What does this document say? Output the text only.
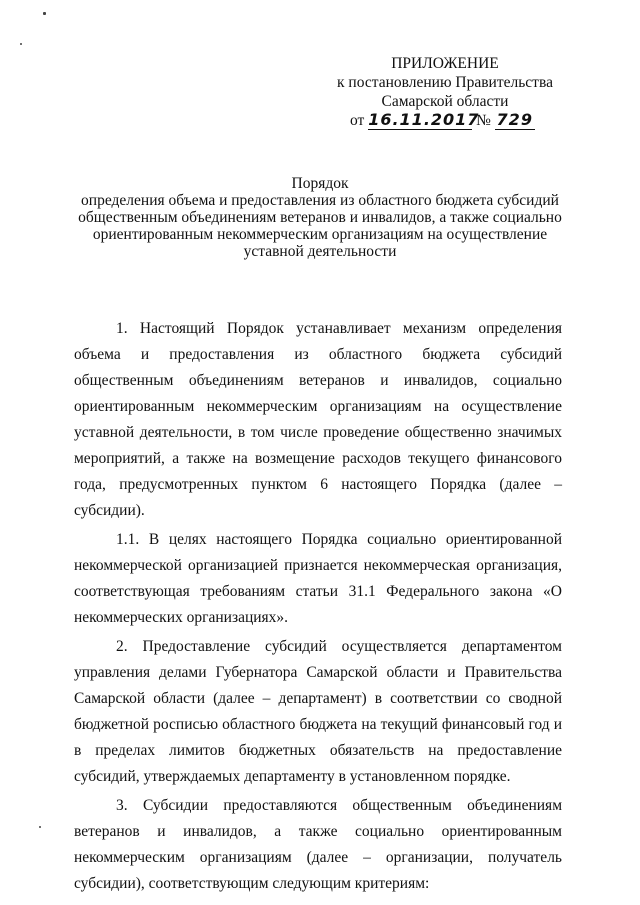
ПРИЛОЖЕНИЕ
к постановлению Правительства
Самарской области
от 16.11.2017 № 729
Порядок
определения объема и предоставления из областного бюджета субсидий
общественным объединениям ветеранов и инвалидов, а также социально
ориентированным некоммерческим организациям на осуществление
уставной деятельности

1. Настоящий Порядок устанавливает механизм определения объема и предоставления из областного бюджета субсидий общественным объединениям ветеранов и инвалидов, социально ориентированным некоммерческим организациям на осуществление уставной деятельности, в том числе проведение общественно значимых мероприятий, а также на возмещение расходов текущего финансового года, предусмотренных пунктом 6 настоящего Порядка (далее – субсидии).

1.1. В целях настоящего Порядка социально ориентированной некоммерческой организацией признается некоммерческая организация, соответствующая требованиям статьи 31.1 Федерального закона «О некоммерческих организациях».

2. Предоставление субсидий осуществляется департаментом управления делами Губернатора Самарской области и Правительства Самарской области (далее – департамент) в соответствии со сводной бюджетной росписью областного бюджета на текущий финансовый год и в пределах лимитов бюджетных обязательств на предоставление субсидий, утверждаемых департаменту в установленном порядке.

3. Субсидии предоставляются общественным объединениям ветеранов и инвалидов, а также социально ориентированным некоммерческим организациям (далее – организации, получатель субсидии), соответствующим следующим критериям:
